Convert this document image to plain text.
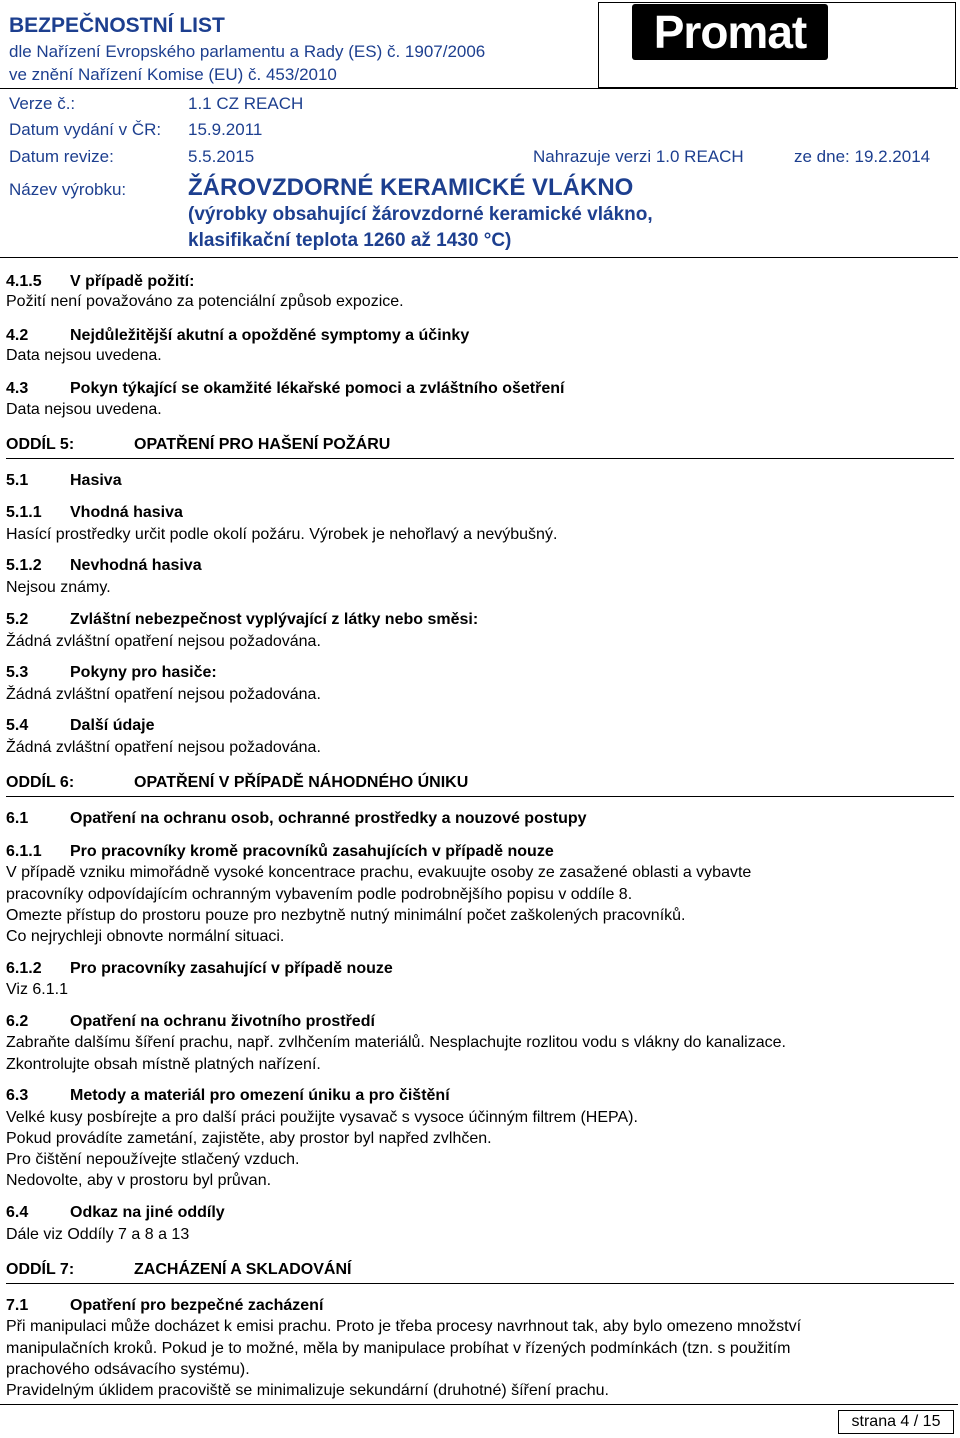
BEZPEČNOSTNÍ LIST
dle Nařízení Evropského parlamentu a Rady (ES) č. 1907/2006
ve znění Nařízení Komise (EU) č. 453/2010
Promat
Verze č.:	1.1 CZ REACH
Datum vydání v ČR: 15.9.2011
Datum revize:	5.5.2015	Nahrazuje verzi 1.0 REACH	ze dne: 19.2.2014
Název výrobku:	ŽÁROVZDORNÉ KERAMICKÉ VLÁKNO
(výrobky obsahující žárovzdorné keramické vlákno,
klasifikační teplota 1260 až 1430 °C)
4.1.5 V případě požití:
Požití není považováno za potenciální způsob expozice.
4.2	Nejdůležitější akutní a opožděné symptomy a účinky
Data nejsou uvedena.
4.3	Pokyn týkající se okamžité lékařské pomoci a zvláštního ošetření
Data nejsou uvedena.
ODDÍL 5:	OPATŘENÍ PRO HAŠENÍ POŽÁRU
5.1	Hasiva
5.1.1 Vhodná hasiva
Hasící prostředky určit podle okolí požáru. Výrobek je nehořlavý a nevýbušný.
5.1.2 Nevhodná hasiva
Nejsou známy.
5.2	Zvláštní nebezpečnost vyplývající z látky nebo směsi:
Žádná zvláštní opatření nejsou požadována.
5.3	Pokyny pro hasiče:
Žádná zvláštní opatření nejsou požadována.
5.4	Další údaje
Žádná zvláštní opatření nejsou požadována.
ODDÍL 6:	OPATŘENÍ V PŘÍPADĚ NÁHODNÉHO ÚNIKU
6.1	Opatření na ochranu osob, ochranné prostředky a nouzové postupy
6.1.1 Pro pracovníky kromě pracovníků zasahujících v případě nouze
V případě vzniku mimořádně vysoké koncentrace prachu, evakuujte osoby ze zasažené oblasti a vybavte
pracovníky odpovídajícím ochranným vybavením podle podrobnějšího popisu v oddíle 8.
Omezte přístup do prostoru pouze pro nezbytně nutný minimální počet zaškolených pracovníků.
Co nejrychleji obnovte normální situaci.
6.1.2 Pro pracovníky zasahující v případě nouze
Viz 6.1.1
6.2	Opatření na ochranu životního prostředí
Zabraňte dalšímu šíření prachu, např. zvlhčením materiálů. Nesplachujte rozlitou vodu s vlákny do kanalizace.
Zkontrolujte obsah místně platných nařízení.
6.3	Metody a materiál pro omezení úniku a pro čištění
Velké kusy posbírejte a pro další práci použijte vysavač s vysoce účinným filtrem (HEPA).
Pokud provádíte zametání, zajistěte, aby prostor byl napřed zvlhčen.
Pro čištění nepoužívejte stlačený vzduch.
Nedovolte, aby v prostoru byl průvan.
6.4	Odkaz na jiné oddíly
Dále viz Oddíly 7 a 8 a 13
ODDÍL 7:	ZACHÁZENÍ A SKLADOVÁNÍ
7.1	Opatření pro bezpečné zacházení
Při manipulaci může docházet k emisi prachu. Proto je třeba procesy navrhnout tak, aby bylo omezeno množství
manipulačních kroků. Pokud je to možné, měla by manipulace probíhat v řízených podmínkách (tzn. s použitím
prachového odsávacího systému).
Pravidelným úklidem pracoviště se minimalizuje sekundární (druhotné) šíření prachu.
strana 4 / 15
